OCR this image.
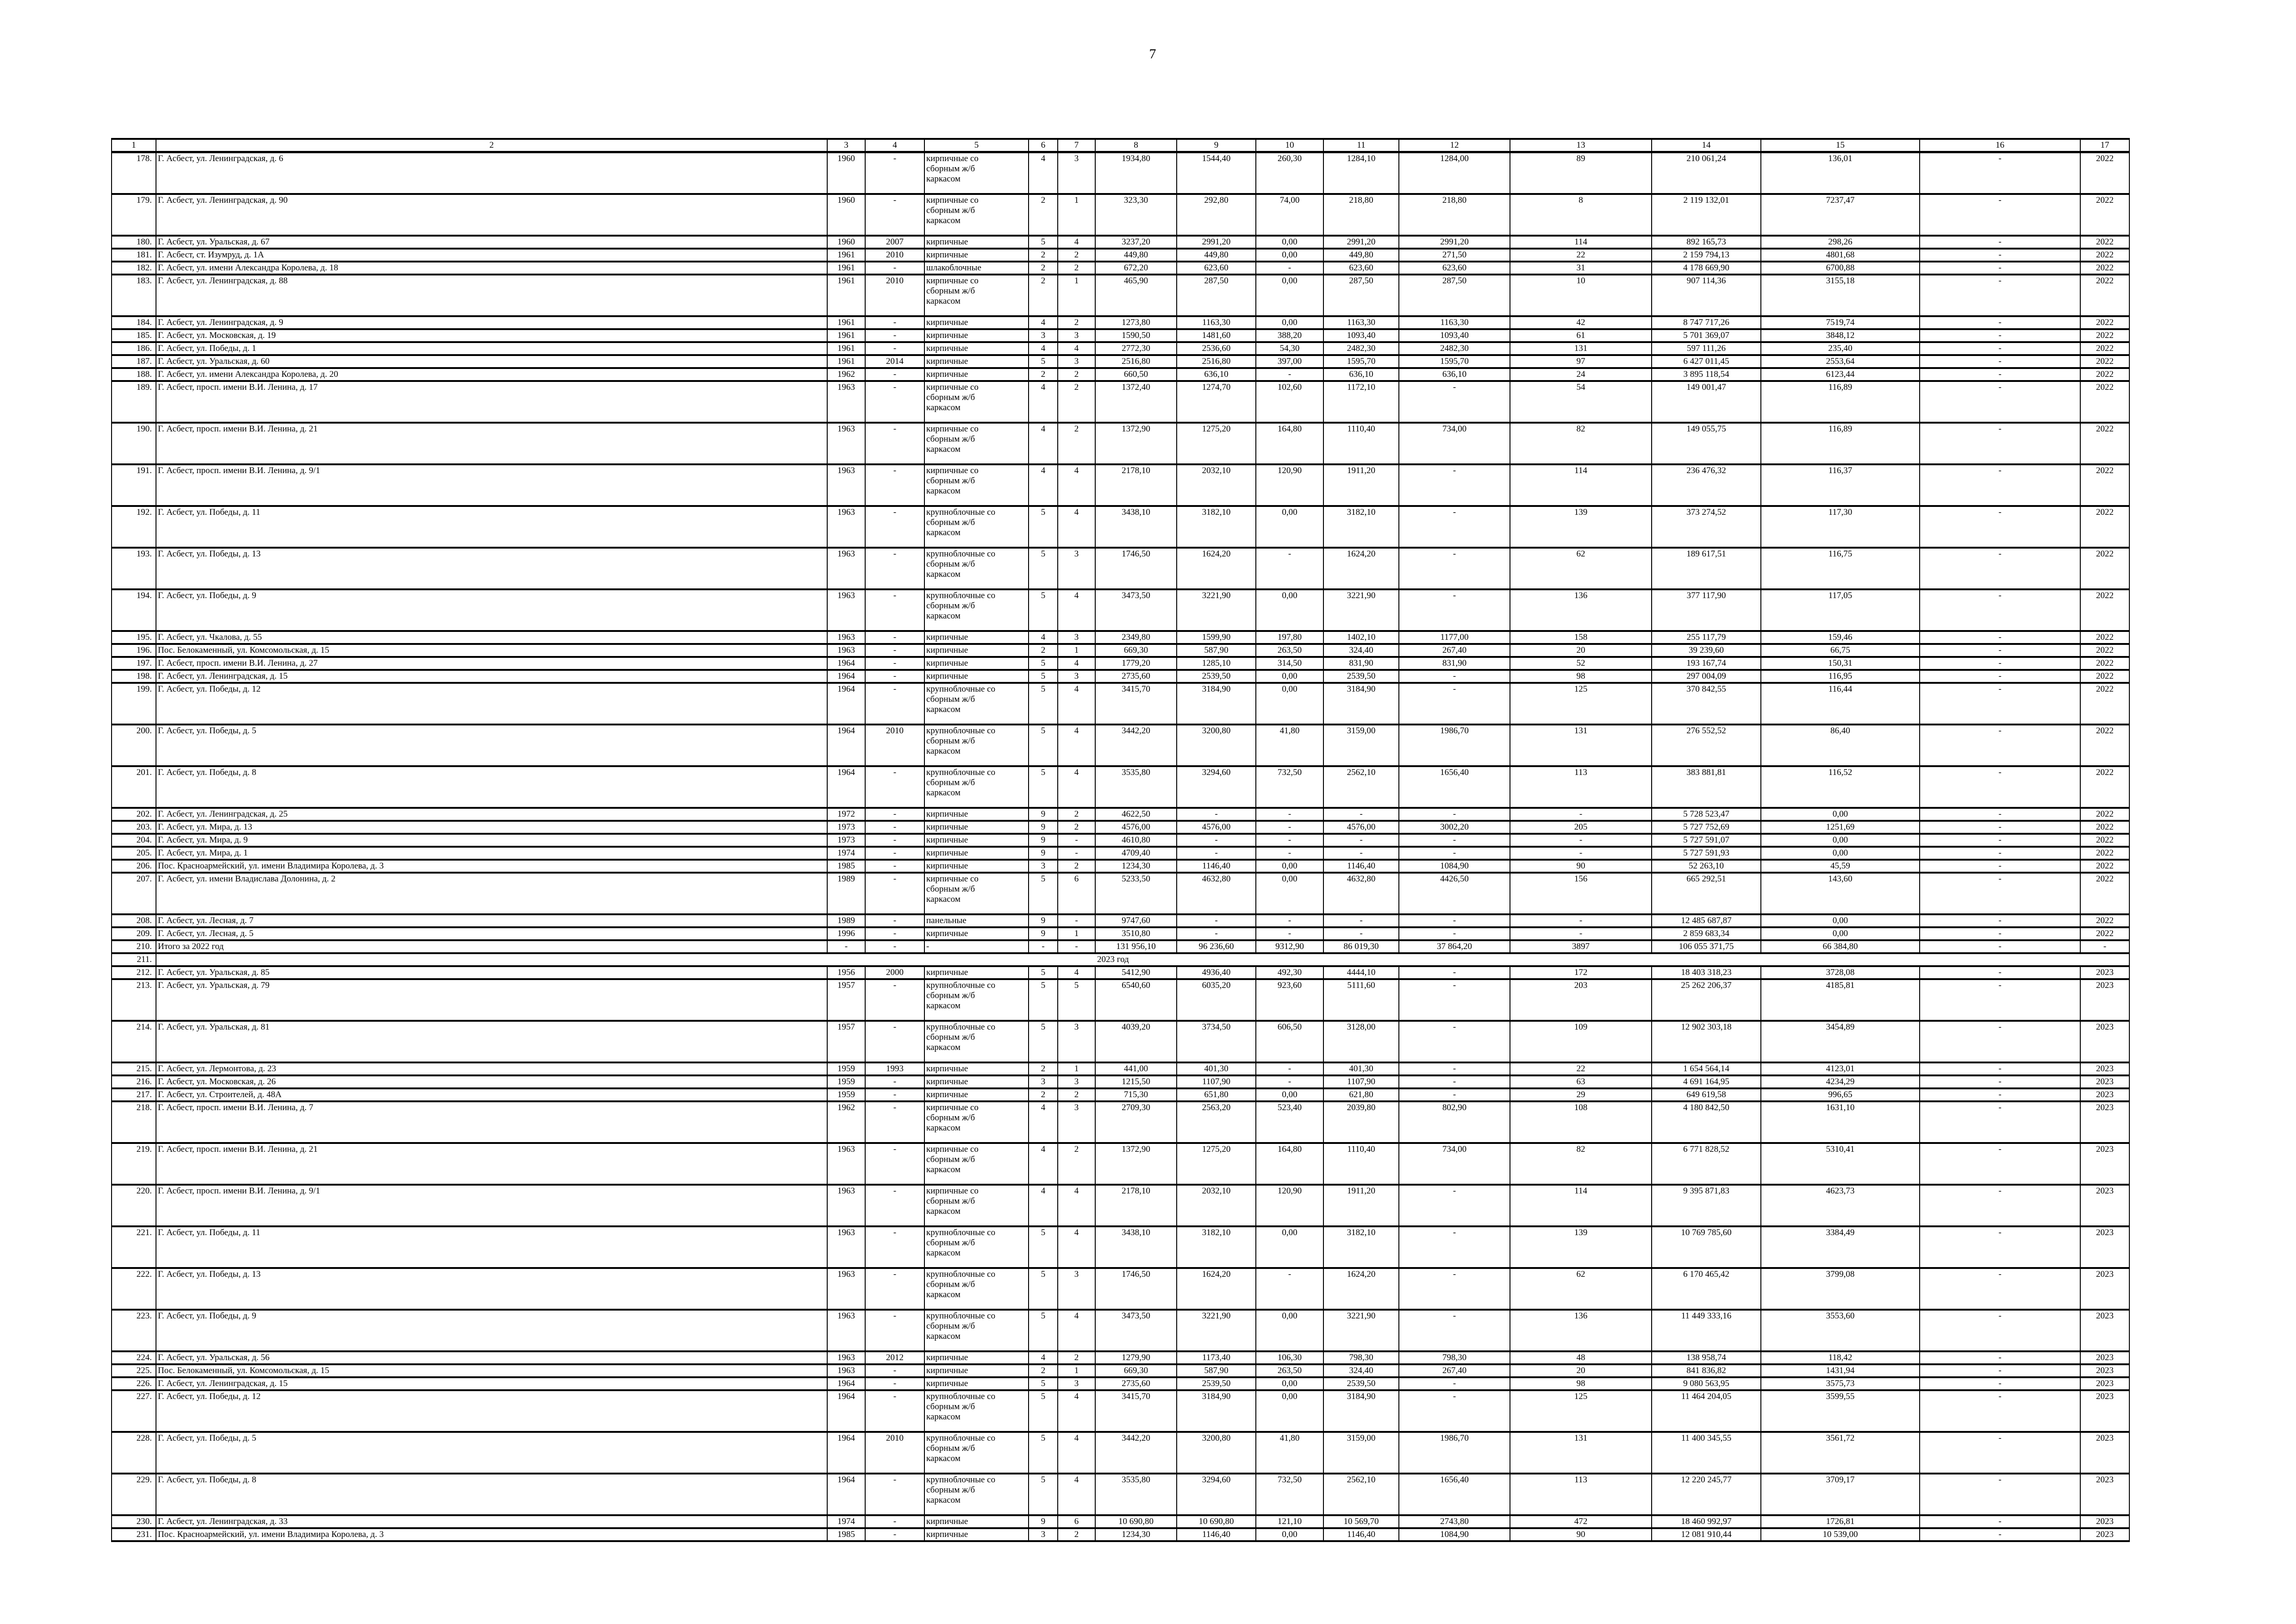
7
1	2	3	4	5	6	7	8	9	10	11	12	13	14	15	16	17
178.	Г. Асбест, ул. Ленинградская, д. 6	1960	-	кирпичные со сборным ж/б каркасом	4	3	1934,80	1544,40	260,30	1284,10	1284,00	89	210 061,24	136,01	-	2022
179.	Г. Асбест, ул. Ленинградская, д. 90	1960	-	кирпичные со сборным ж/б каркасом	2	1	323,30	292,80	74,00	218,80	218,80	8	2 119 132,01	7237,47	-	2022
180.	Г. Асбест, ул. Уральская, д. 67	1960	2007	кирпичные	5	4	3237,20	2991,20	0,00	2991,20	2991,20	114	892 165,73	298,26	-	2022
181.	Г. Асбест, ст. Изумруд, д. 1А	1961	2010	кирпичные	2	2	449,80	449,80	0,00	449,80	271,50	22	2 159 794,13	4801,68	-	2022
182.	Г. Асбест, ул. имени Александра Королева, д. 18	1961	-	шлакоблочные	2	2	672,20	623,60	-	623,60	623,60	31	4 178 669,90	6700,88	-	2022
183.	Г. Асбест, ул. Ленинградская, д. 88	1961	2010	кирпичные со сборным ж/б каркасом	2	1	465,90	287,50	0,00	287,50	287,50	10	907 114,36	3155,18	-	2022
184.	Г. Асбест, ул. Ленинградская, д. 9	1961	-	кирпичные	4	2	1273,80	1163,30	0,00	1163,30	1163,30	42	8 747 717,26	7519,74	-	2022
185.	Г. Асбест, ул. Московская, д. 19	1961	-	кирпичные	3	3	1590,50	1481,60	388,20	1093,40	1093,40	61	5 701 369,07	3848,12	-	2022
186.	Г. Асбест, ул. Победы, д. 1	1961	-	кирпичные	4	4	2772,30	2536,60	54,30	2482,30	2482,30	131	597 111,26	235,40	-	2022
187.	Г. Асбест, ул. Уральская, д. 60	1961	2014	кирпичные	5	3	2516,80	2516,80	397,00	1595,70	1595,70	97	6 427 011,45	2553,64	-	2022
188.	Г. Асбест, ул. имени Александра Королева, д. 20	1962	-	кирпичные	2	2	660,50	636,10	-	636,10	636,10	24	3 895 118,54	6123,44	-	2022
189.	Г. Асбест, просп. имени В.И. Ленина, д. 17	1963	-	кирпичные со сборным ж/б каркасом	4	2	1372,40	1274,70	102,60	1172,10	-	54	149 001,47	116,89	-	2022
190.	Г. Асбест, просп. имени В.И. Ленина, д. 21	1963	-	кирпичные со сборным ж/б каркасом	4	2	1372,90	1275,20	164,80	1110,40	734,00	82	149 055,75	116,89	-	2022
191.	Г. Асбест, просп. имени В.И. Ленина, д. 9/1	1963	-	кирпичные со сборным ж/б каркасом	4	4	2178,10	2032,10	120,90	1911,20	-	114	236 476,32	116,37	-	2022
192.	Г. Асбест, ул. Победы, д. 11	1963	-	крупноблочные со сборным ж/б каркасом	5	4	3438,10	3182,10	0,00	3182,10	-	139	373 274,52	117,30	-	2022
193.	Г. Асбест, ул. Победы, д. 13	1963	-	крупноблочные со сборным ж/б каркасом	5	3	1746,50	1624,20	-	1624,20	-	62	189 617,51	116,75	-	2022
194.	Г. Асбест, ул. Победы, д. 9	1963	-	крупноблочные со сборным ж/б каркасом	5	4	3473,50	3221,90	0,00	3221,90	-	136	377 117,90	117,05	-	2022
195.	Г. Асбест, ул. Чкалова, д. 55	1963	-	кирпичные	4	3	2349,80	1599,90	197,80	1402,10	1177,00	158	255 117,79	159,46	-	2022
196.	Пос. Белокаменный, ул. Комсомольская, д. 15	1963	-	кирпичные	2	1	669,30	587,90	263,50	324,40	267,40	20	39 239,60	66,75	-	2022
197.	Г. Асбест, просп. имени В.И. Ленина, д. 27	1964	-	кирпичные	5	4	1779,20	1285,10	314,50	831,90	831,90	52	193 167,74	150,31	-	2022
198.	Г. Асбест, ул. Ленинградская, д. 15	1964	-	кирпичные	5	3	2735,60	2539,50	0,00	2539,50	-	98	297 004,09	116,95	-	2022
199.	Г. Асбест, ул. Победы, д. 12	1964	-	крупноблочные со сборным ж/б каркасом	5	4	3415,70	3184,90	0,00	3184,90	-	125	370 842,55	116,44	-	2022
200.	Г. Асбест, ул. Победы, д. 5	1964	2010	крупноблочные со сборным ж/б каркасом	5	4	3442,20	3200,80	41,80	3159,00	1986,70	131	276 552,52	86,40	-	2022
201.	Г. Асбест, ул. Победы, д. 8	1964	-	крупноблочные со сборным ж/б каркасом	5	4	3535,80	3294,60	732,50	2562,10	1656,40	113	383 881,81	116,52	-	2022
202.	Г. Асбест, ул. Ленинградская, д. 25	1972	-	кирпичные	9	2	4622,50	-	-	-	-	-	5 728 523,47	0,00	-	2022
203.	Г. Асбест, ул. Мира, д. 13	1973	-	кирпичные	9	2	4576,00	4576,00	-	4576,00	3002,20	205	5 727 752,69	1251,69	-	2022
204.	Г. Асбест, ул. Мира, д. 9	1973	-	кирпичные	9	-	4610,80	-	-	-	-	-	5 727 591,07	0,00	-	2022
205.	Г. Асбест, ул. Мира, д. 1	1974	-	кирпичные	9	-	4709,40	-	-	-	-	-	5 727 591,93	0,00	-	2022
206.	Пос. Красноармейский, ул. имени Владимира Королева, д. 3	1985	-	кирпичные	3	2	1234,30	1146,40	0,00	1146,40	1084,90	90	52 263,10	45,59	-	2022
207.	Г. Асбест, ул. имени Владислава Долонина, д. 2	1989	-	кирпичные со сборным ж/б каркасом	5	6	5233,50	4632,80	0,00	4632,80	4426,50	156	665 292,51	143,60	-	2022
208.	Г. Асбест, ул. Лесная, д. 7	1989	-	панельные	9	-	9747,60	-	-	-	-	-	12 485 687,87	0,00	-	2022
209.	Г. Асбест, ул. Лесная, д. 5	1996	-	кирпичные	9	1	3510,80	-	-	-	-	-	2 859 683,34	0,00	-	2022
210.	Итого за 2022 год	-	-	-	-	-	131 956,10	96 236,60	9312,90	86 019,30	37 864,20	3897	106 055 371,75	66 384,80	-	-
211.	2023 год															
212.	Г. Асбест, ул. Уральская, д. 85	1956	2000	кирпичные	5	4	5412,90	4936,40	492,30	4444,10	-	172	18 403 318,23	3728,08	-	2023
213.	Г. Асбест, ул. Уральская, д. 79	1957	-	крупноблочные со сборным ж/б каркасом	5	5	6540,60	6035,20	923,60	5111,60	-	203	25 262 206,37	4185,81	-	2023
214.	Г. Асбест, ул. Уральская, д. 81	1957	-	крупноблочные со сборным ж/б каркасом	5	3	4039,20	3734,50	606,50	3128,00	-	109	12 902 303,18	3454,89	-	2023
215.	Г. Асбест, ул. Лермонтова, д. 23	1959	1993	кирпичные	2	1	441,00	401,30	-	401,30	-	22	1 654 564,14	4123,01	-	2023
216.	Г. Асбест, ул. Московская, д. 26	1959	-	кирпичные	3	3	1215,50	1107,90	-	1107,90	-	63	4 691 164,95	4234,29	-	2023
217.	Г. Асбест, ул. Строителей, д. 48А	1959	-	кирпичные	2	2	715,30	651,80	0,00	621,80	-	29	649 619,58	996,65	-	2023
218.	Г. Асбест, просп. имени В.И. Ленина, д. 7	1962	-	кирпичные со сборным ж/б каркасом	4	3	2709,30	2563,20	523,40	2039,80	802,90	108	4 180 842,50	1631,10	-	2023
219.	Г. Асбест, просп. имени В.И. Ленина, д. 21	1963	-	кирпичные со сборным ж/б каркасом	4	2	1372,90	1275,20	164,80	1110,40	734,00	82	6 771 828,52	5310,41	-	2023
220.	Г. Асбест, просп. имени В.И. Ленина, д. 9/1	1963	-	кирпичные со сборным ж/б каркасом	4	4	2178,10	2032,10	120,90	1911,20	-	114	9 395 871,83	4623,73	-	2023
221.	Г. Асбест, ул. Победы, д. 11	1963	-	крупноблочные со сборным ж/б каркасом	5	4	3438,10	3182,10	0,00	3182,10	-	139	10 769 785,60	3384,49	-	2023
222.	Г. Асбест, ул. Победы, д. 13	1963	-	крупноблочные со сборным ж/б каркасом	5	3	1746,50	1624,20	-	1624,20	-	62	6 170 465,42	3799,08	-	2023
223.	Г. Асбест, ул. Победы, д. 9	1963	-	крупноблочные со сборным ж/б каркасом	5	4	3473,50	3221,90	0,00	3221,90	-	136	11 449 333,16	3553,60	-	2023
224.	Г. Асбест, ул. Уральская, д. 56	1963	2012	кирпичные	4	2	1279,90	1173,40	106,30	798,30	798,30	48	138 958,74	118,42	-	2023
225.	Пос. Белокаменный, ул. Комсомольская, д. 15	1963	-	кирпичные	2	1	669,30	587,90	263,50	324,40	267,40	20	841 836,82	1431,94	-	2023
226.	Г. Асбест, ул. Ленинградская, д. 15	1964	-	кирпичные	5	3	2735,60	2539,50	0,00	2539,50	-	98	9 080 563,95	3575,73	-	2023
227.	Г. Асбест, ул. Победы, д. 12	1964	-	крупноблочные со сборным ж/б каркасом	5	4	3415,70	3184,90	0,00	3184,90	-	125	11 464 204,05	3599,55	-	2023
228.	Г. Асбест, ул. Победы, д. 5	1964	2010	крупноблочные со сборным ж/б каркасом	5	4	3442,20	3200,80	41,80	3159,00	1986,70	131	11 400 345,55	3561,72	-	2023
229.	Г. Асбест, ул. Победы, д. 8	1964	-	крупноблочные со сборным ж/б каркасом	5	4	3535,80	3294,60	732,50	2562,10	1656,40	113	12 220 245,77	3709,17	-	2023
230.	Г. Асбест, ул. Ленинградская, д. 33	1974	-	кирпичные	9	6	10 690,80	10 690,80	121,10	10 569,70	2743,80	472	18 460 992,97	1726,81	-	2023
231.	Пос. Красноармейский, ул. имени Владимира Королева, д. 3	1985	-	кирпичные	3	2	1234,30	1146,40	0,00	1146,40	1084,90	90	12 081 910,44	10 539,00	-	2023
